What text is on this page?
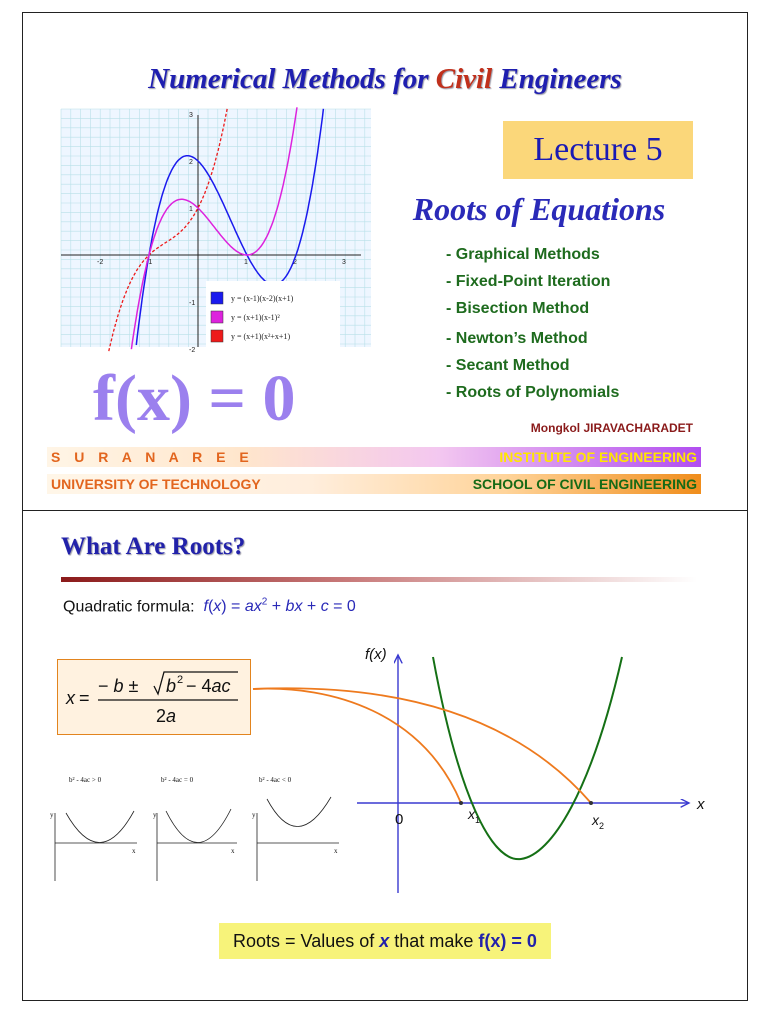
Numerical Methods for Civil Engineers
-2	-1	1	2	3
3
2
1
-1
-2
y = (x-1)(x-2)(x+1)
y = (x+1)(x-1)²
y = (x+1)(x²+x+1)
Lecture 5
Roots of Equations
- Graphical Methods
- Fixed-Point Iteration
- Bisection Method
- Newton’s Method
- Secant Method
- Roots of Polynomials
f(x) = 0	Mongkol JIRAVACHARADET
S U R A N A R E E	INSTITUTE OF ENGINEERING
UNIVERSITY OF TECHNOLOGY	SCHOOL OF CIVIL ENGINEERING
What Are Roots?
Quadratic formula: $f(x) = ax^2$ + bx + c = 0
x =
− b ± b 2 − 4ac
2a
b² - 4ac > 0	b² - 4ac = 0	b² - 4ac < 0
y
x
y
x
y
x
f(x)
x
0	$x_1$	$x_2$
Roots = Values of
x
that make
f(x) = 0
